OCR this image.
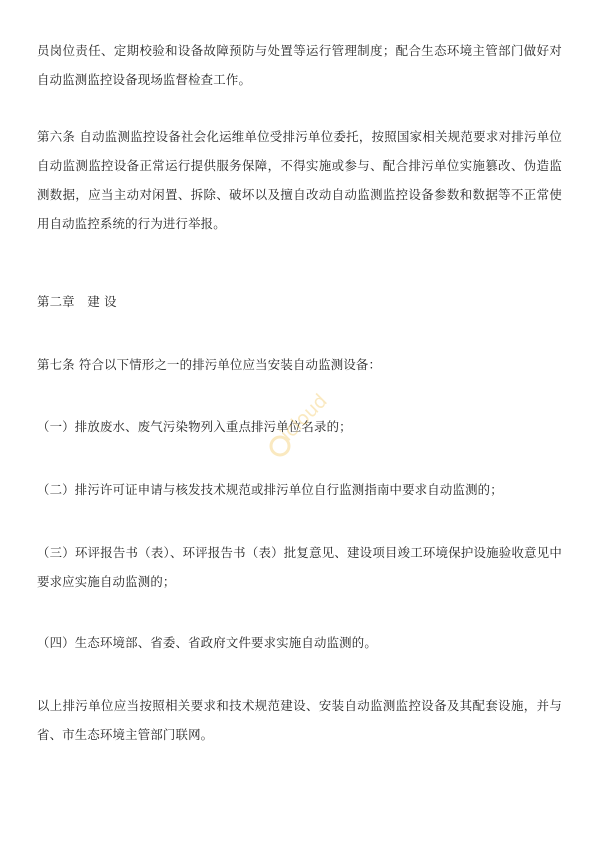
员岗位责任、定期校验和设备故障预防与处置等运行管理制度；配合生态环境主管部门做好对自动监测监控设备现场监督检查工作。

第六条 自动监测监控设备社会化运维单位受排污单位委托，按照国家相关规范要求对排污单位自动监测监控设备正常运行提供服务保障，不得实施或参与、配合排污单位实施篡改、伪造监测数据，应当主动对闲置、拆除、破坏以及擅自改动自动监测监控设备参数和数据等不正常使用自动监控系统的行为进行举报。

第二章　建 设

第七条 符合以下情形之一的排污单位应当安装自动监测设备：

（一）排放废水、废气污染物列入重点排污单位名录的；

（二）排污许可证申请与核发技术规范或排污单位自行监测指南中要求自动监测的；

（三）环评报告书（表）、环评报告书（表）批复意见、建设项目竣工环境保护设施验收意见中要求应实施自动监测的；

（四）生态环境部、省委、省政府文件要求实施自动监测的。

以上排污单位应当按照相关要求和技术规范建设、安装自动监测监控设备及其配套设施，并与省、市生态环境主管部门联网。

icloud
